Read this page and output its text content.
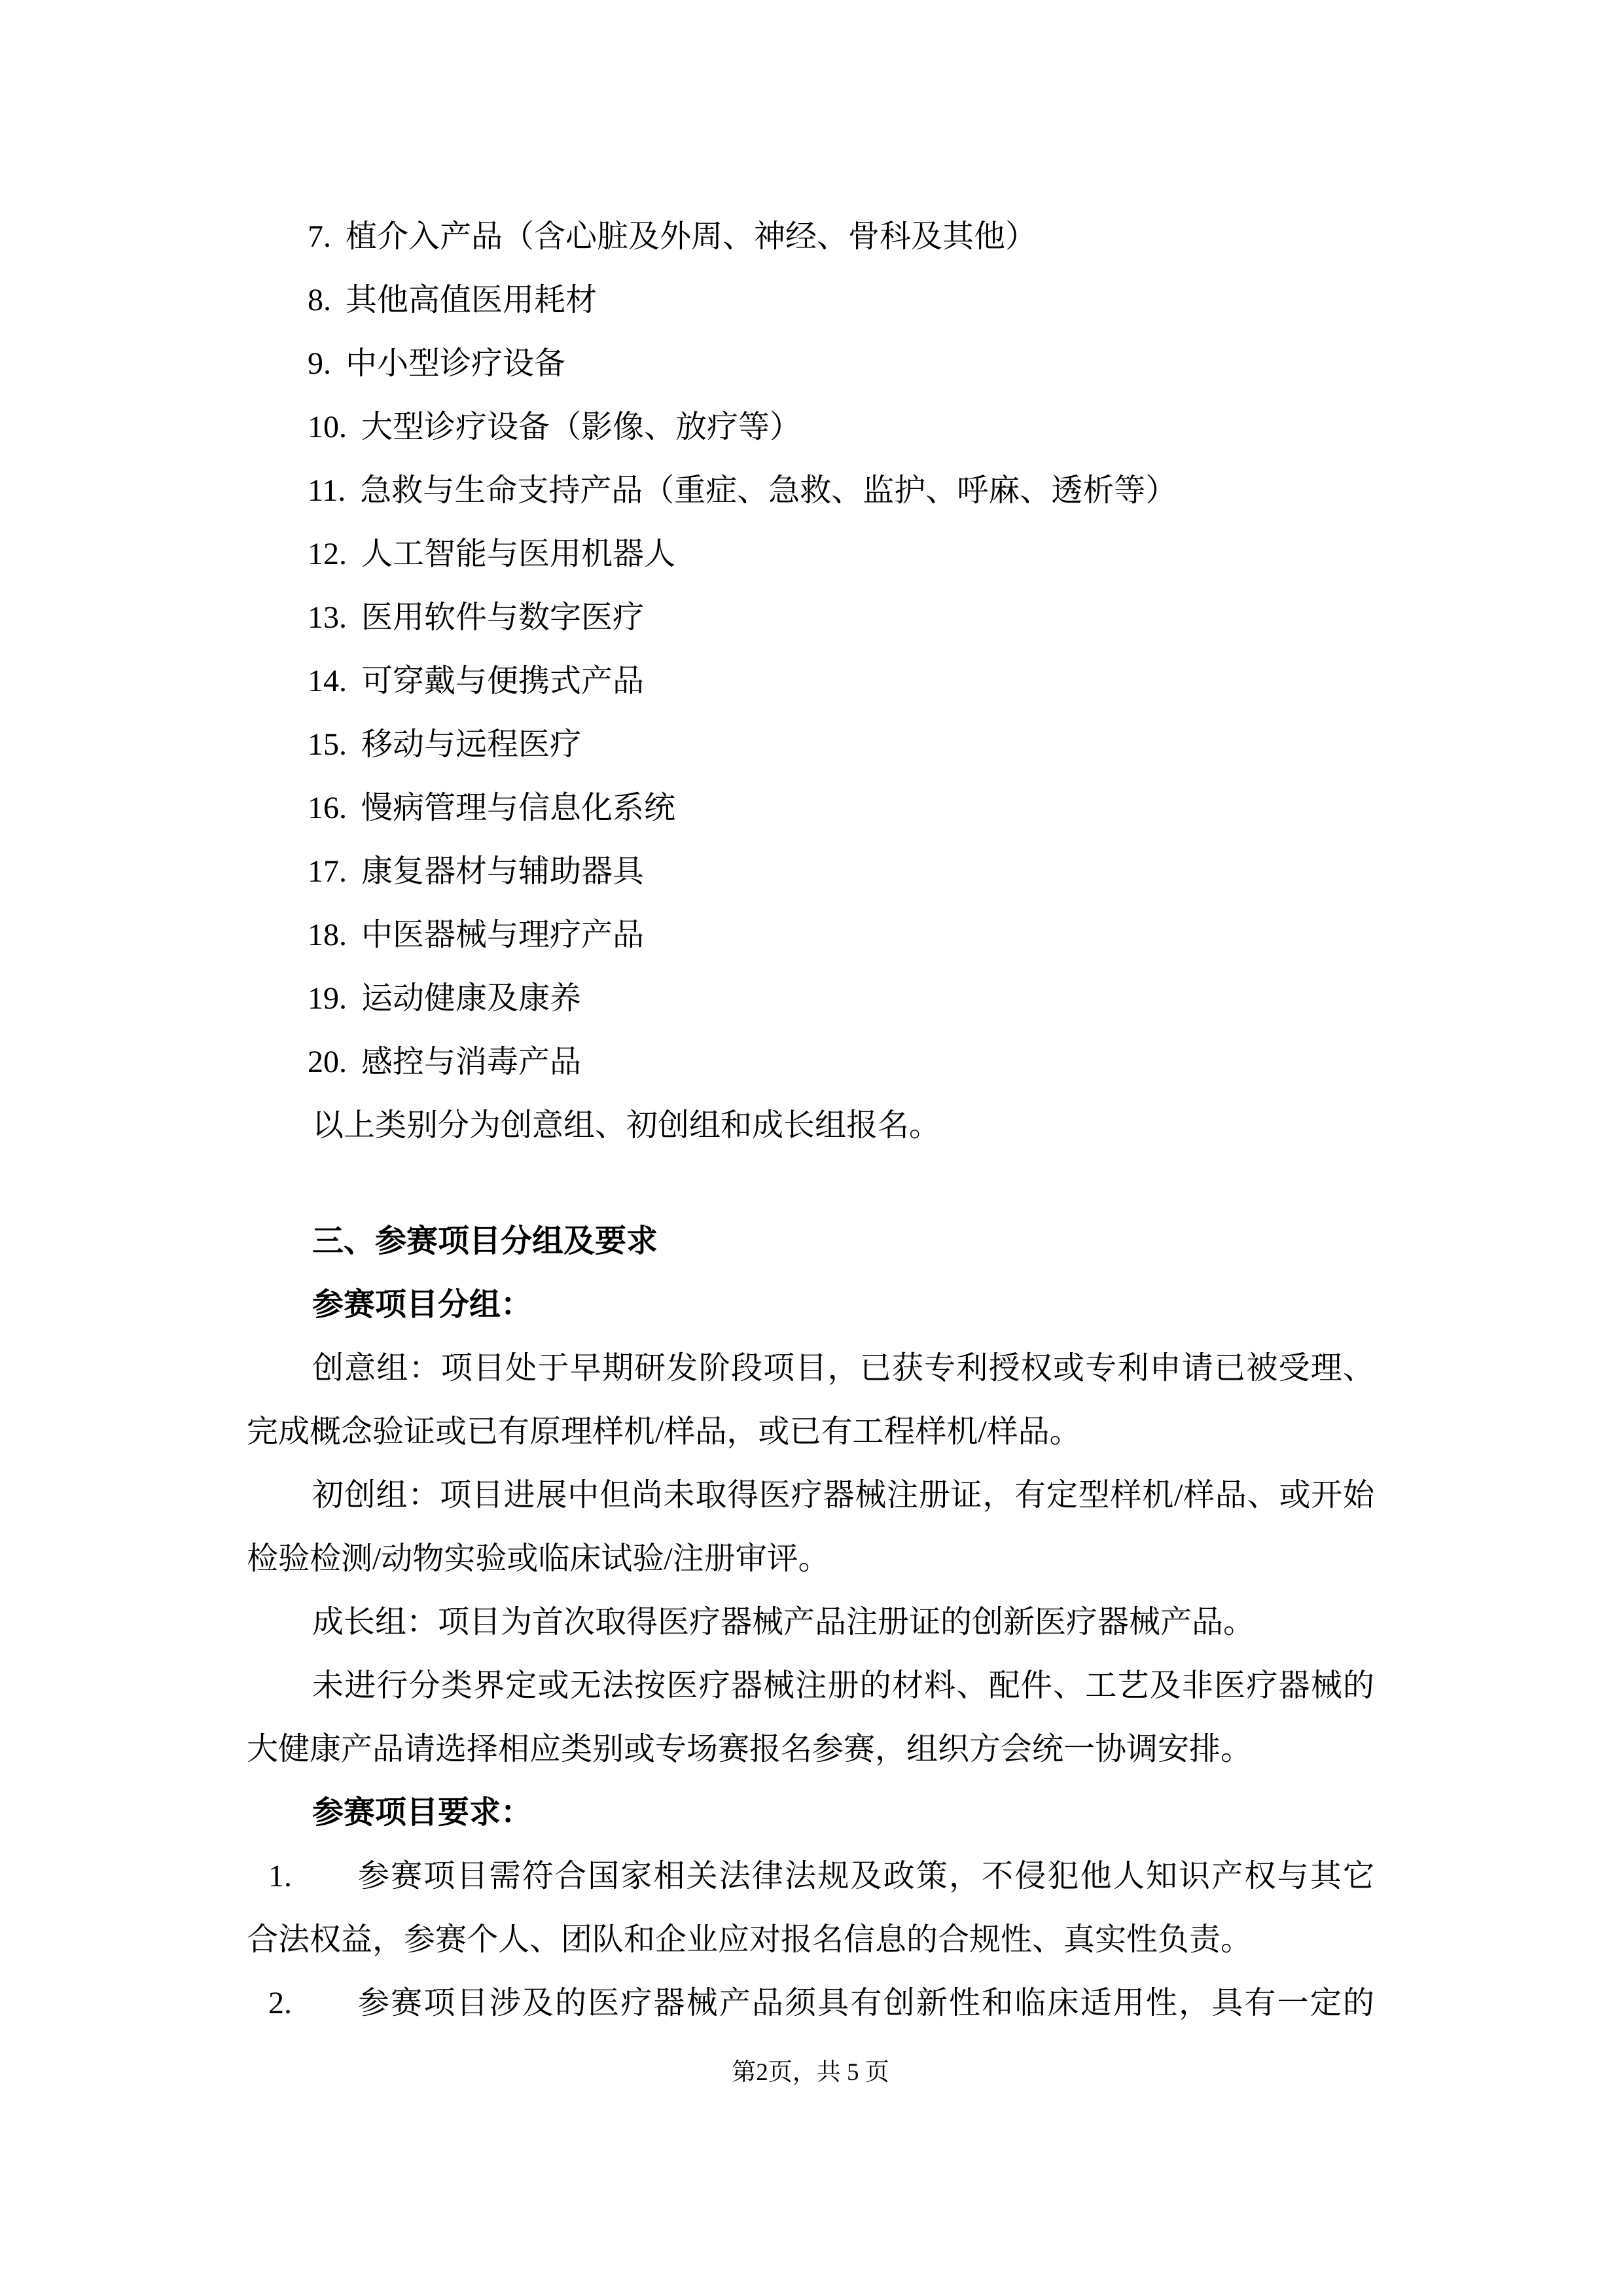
7. 植介入产品（含心脏及外周、神经、骨科及其他）
8. 其他高值医用耗材
9. 中小型诊疗设备
10. 大型诊疗设备（影像、放疗等）
11. 急救与生命支持产品（重症、急救、监护、呼麻、透析等）
12. 人工智能与医用机器人
13. 医用软件与数字医疗
14. 可穿戴与便携式产品
15. 移动与远程医疗
16. 慢病管理与信息化系统
17. 康复器材与辅助器具
18. 中医器械与理疗产品
19. 运动健康及康养
20. 感控与消毒产品
以上类别分为创意组、初创组和成长组报名。
三、参赛项目分组及要求
参赛项目分组：
创意组：项目处于早期研发阶段项目，已获专利授权或专利申请已被受理、
完成概念验证或已有原理样机/样品，或已有工程样机/样品。
初创组：项目进展中但尚未取得医疗器械注册证，有定型样机/样品、或开始
检验检测/动物实验或临床试验/注册审评。
成长组：项目为首次取得医疗器械产品注册证的创新医疗器械产品。
未进行分类界定或无法按医疗器械注册的材料、配件、工艺及非医疗器械的
大健康产品请选择相应类别或专场赛报名参赛，组织方会统一协调安排。
参赛项目要求：
1.	参赛项目需符合国家相关法律法规及政策，不侵犯他人知识产权与其它
合法权益，参赛个人、团队和企业应对报名信息的合规性、真实性负责。
2.	参赛项目涉及的医疗器械产品须具有创新性和临床适用性，具有一定的
第2页，共 5 页
